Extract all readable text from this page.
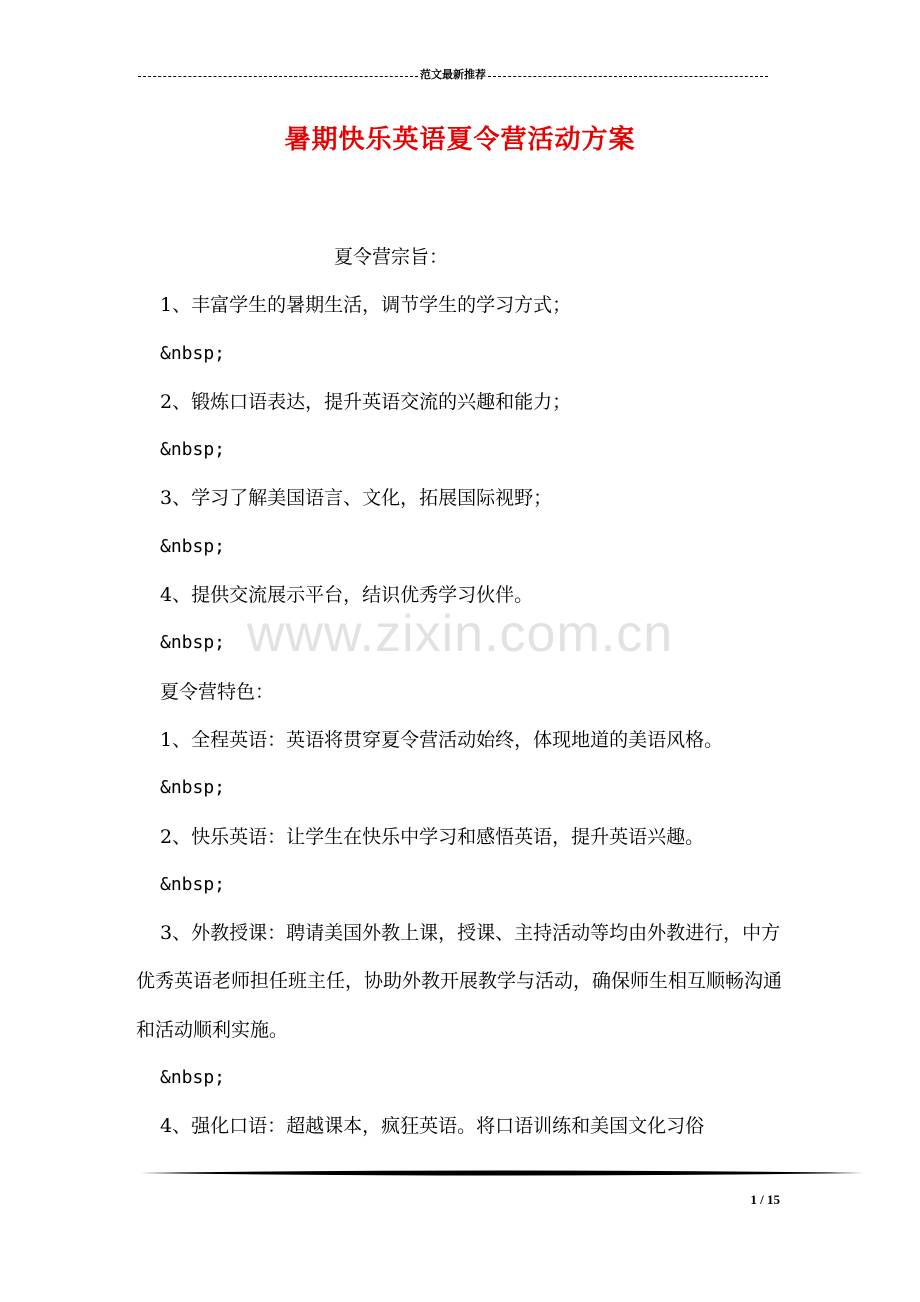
范文最新推荐
暑期快乐英语夏令营活动方案

夏令营宗旨：

1、丰富学生的暑期生活，调节学生的学习方式；

&nbsp;

2、锻炼口语表达，提升英语交流的兴趣和能力；

&nbsp;

3、学习了解美国语言、文化，拓展国际视野；

&nbsp;

4、提供交流展示平台，结识优秀学习伙伴。

&nbsp;

夏令营特色：

1、全程英语：英语将贯穿夏令营活动始终，体现地道的美语风格。

&nbsp;

2、快乐英语：让学生在快乐中学习和感悟英语，提升英语兴趣。

&nbsp;

3、外教授课：聘请美国外教上课，授课、主持活动等均由外教进行，中方优秀英语老师担任班主任，协助外教开展教学与活动，确保师生相互顺畅沟通和活动顺利实施。

&nbsp;

4、强化口语：超越课本，疯狂英语。将口语训练和美国文化习俗

www.zixin.com.cn
1 / 15
